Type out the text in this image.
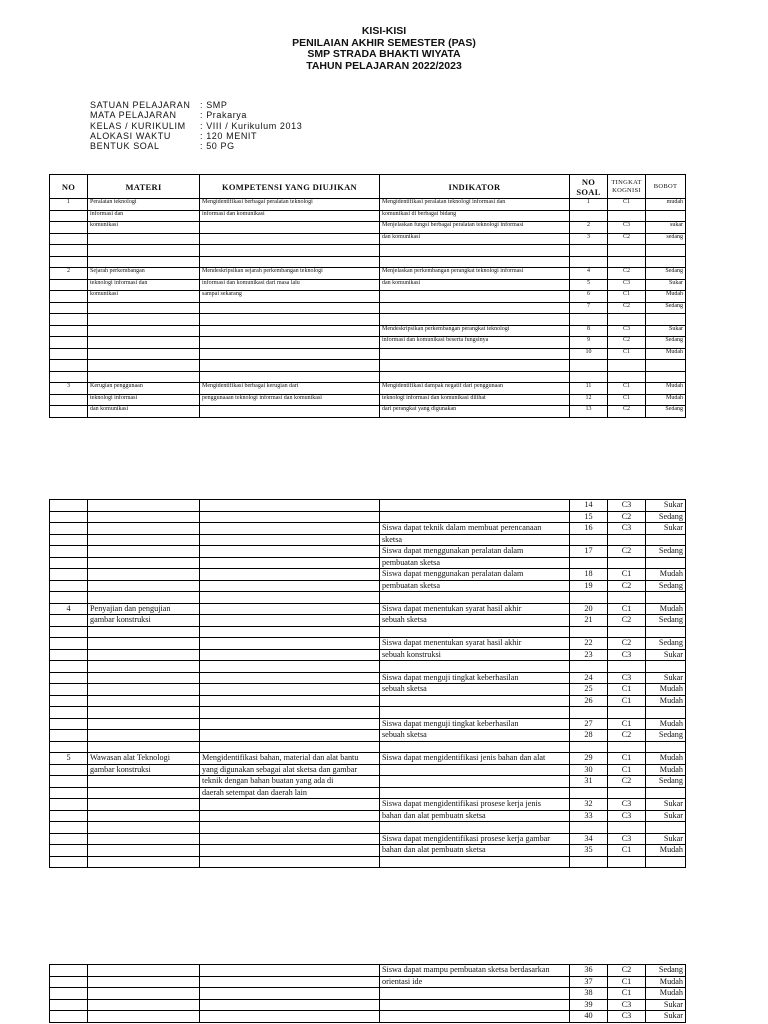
KISI-KISI
PENILAIAN AKHIR SEMESTER (PAS)
SMP STRADA BHAKTI WIYATA
TAHUN PELAJARAN 2022/2023
SATUAN PELAJARAN	: SMP
MATA PELAJARAN	: Prakarya
KELAS / KURIKULIM	: VIII / Kurikulum 2013
ALOKASI WAKTU	: 120 MENIT
BENTUK SOAL	: 50 PG
NO	MATERI	KOMPETENSI YANG DIUJIKAN	INDIKATOR	NO SOAL	TINGKAT KOGNISI	BOBOT
1	Peralatan teknologi	Mengidentifikasi berbagai peralatan teknologi	Mengidentifikasi peralatan teknologi informasi dan	1	C1	mudah
	informasi dan	informasi dan komunikasi	komunikasi di berbagai bidang			
	komunikasi		Menjelaskan fungsi berbagai peralatan teknologi informasi	2	C3	sukar
			dan komunikasi	3	C2	sedang

2	Sejarah perkembangan	Mendeskripsikan sejarah perkembangan teknologi	Menjelaskan perkembangan perangkat teknologi informasi	4	C2	Sedang
	teknologi informasi dan	informasi dan komunikasi dari masa lalu	dan komunikasi	5	C3	Sukar
	komunikasi	sampai sekarang		6	C1	Mudah
				7	C2	Sedang

			Mendeskripsikan perkembangan perangkat teknologi	8	C3	Sukar
			informasi dan komunikasi beserta fungsinya	9	C2	Sedang
				10	C1	Mudah

3	Kerugian penggunaan	Mengidentifikasi berbagai kerugian dari	Mengidentifikasi dampak negatif dari penggunaan	11	C1	Mudah
	teknologi informasi	penggunaaan teknologi informasi dan komunikasi	teknologi informasi dan komunikasi dilihat	12	C1	Mudah
	dan komunikasi		dari perangkat yang digunakan	13	C2	Sedang
				14	C3	Sukar
				15	C2	Sedang
			Siswa dapat teknik dalam membuat perencanaan	16	C3	Sukar
			sketsa			
			Siswa dapat menggunakan peralatan dalam	17	C2	Sedang
			pembuatan sketsa			
			Siswa dapat menggunakan peralatan dalam	18	C1	Mudah
			pembuatan sketsa	19	C2	Sedang

4	Penyajian dan pengujian		Siswa dapat menentukan syarat hasil akhir	20	C1	Mudah
	gambar konstruksi		sebuah sketsa	21	C2	Sedang

			Siswa dapat menentukan syarat hasil akhir	22	C2	Sedang
			sebuah konstruksi	23	C3	Sukar

			Siswa dapat menguji tingkat keberhasilan	24	C3	Sukar
			sebuah sketsa	25	C1	Mudah
				26	C1	Mudah

			Siswa dapat menguji tingkat keberhasilan	27	C1	Mudah
			sebuah sketsa	28	C2	Sedang

5	Wawasan alat Teknologi	Mengidentifikasi bahan, material dan alat bantu	Siswa dapat mengidentifikasi jenis bahan dan alat	29	C1	Mudah
	gambar konstruksi	yang digunakan sebagai alat sketsa dan gambar		30	C1	Mudah
		teknik dengan bahan buatan yang ada di		31	C2	Sedang
		daerah setempat dan daerah lain				
			Siswa dapat mengidentifikasi prosese kerja jenis	32	C3	Sukar
			bahan dan alat pembuatn sketsa	33	C3	Sukar

			Siswa dapat mengidentifikasi prosese kerja gambar	34	C3	Sukar
			bahan dan alat pembuatn sketsa	35	C1	Mudah

			Siswa dapat mampu pembuatan sketsa berdasarkan	36	C2	Sedang
			orientasi ide	37	C1	Mudah
				38	C1	Mudah
				39	C3	Sukar
				40	C3	Sukar
